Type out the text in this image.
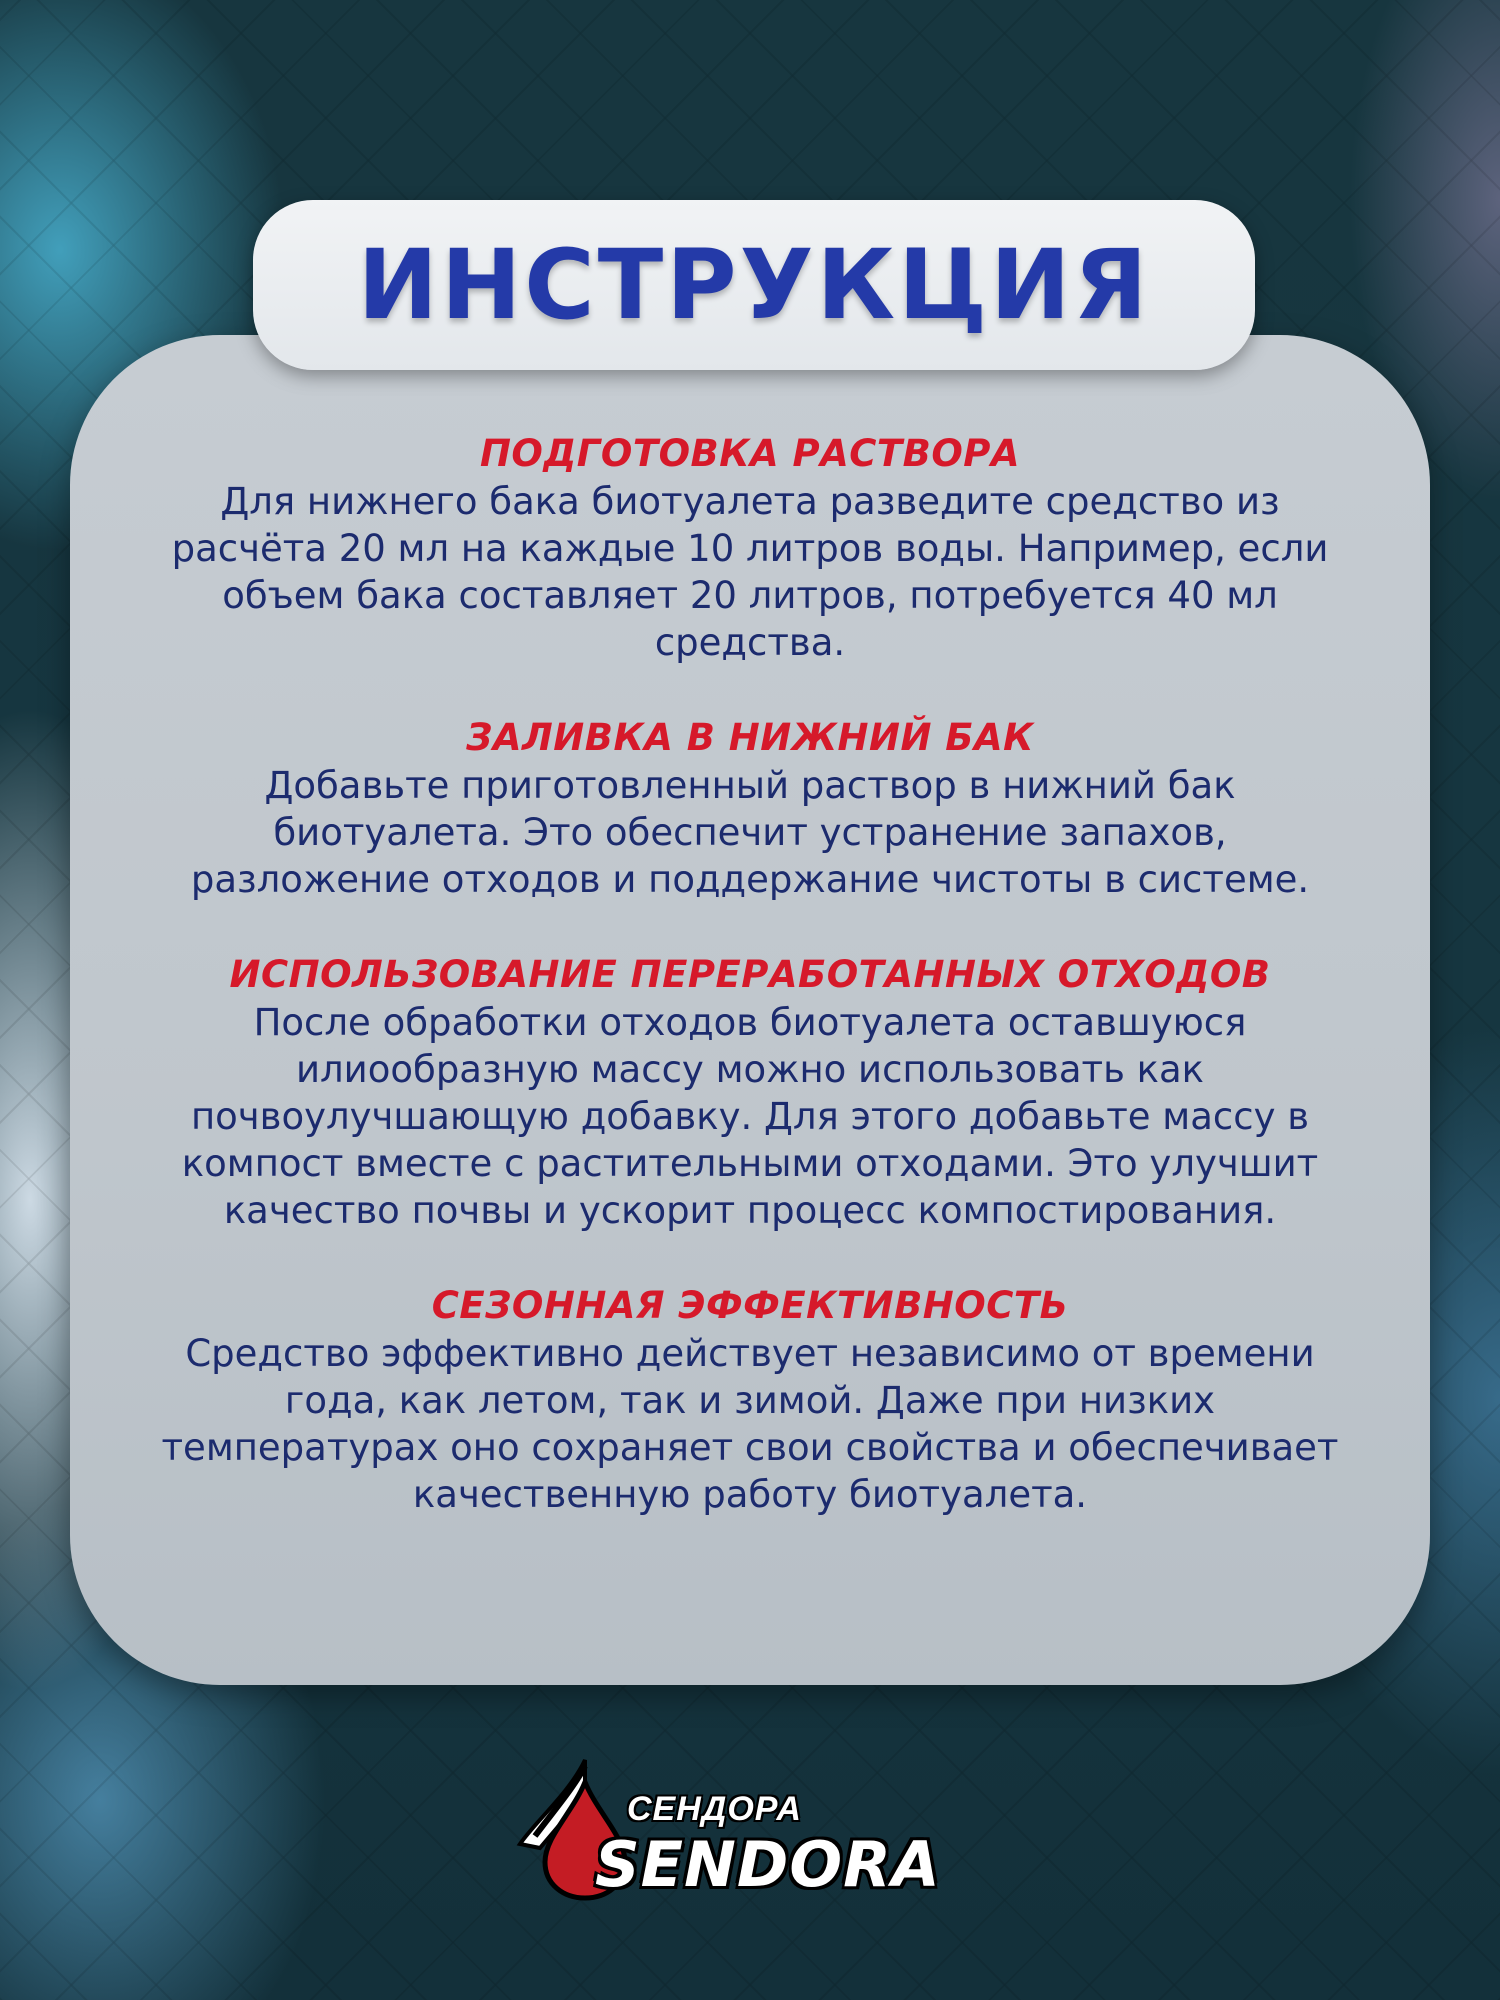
ИНСТРУКЦИЯ
ПОДГОТОВКА РАСТВОРА

Для нижнего бака биотуалета разведите средство из

расчёта 20 мл на каждые 10 литров воды. Например, если

объем бака составляет 20 литров, потребуется 40 мл

средства.

ЗАЛИВКА В НИЖНИЙ БАК

Добавьте приготовленный раствор в нижний бак

биотуалета. Это обеспечит устранение запахов,

разложение отходов и поддержание чистоты в системе.

ИСПОЛЬЗОВАНИЕ ПЕРЕРАБОТАННЫХ ОТХОДОВ

После обработки отходов биотуалета оставшуюся

илиообразную массу можно использовать как

почвоулучшающую добавку. Для этого добавьте массу в

компост вместе с растительными отходами. Это улучшит

качество почвы и ускорит процесс компостирования.

СЕЗОННАЯ ЭФФЕКТИВНОСТЬ

Средство эффективно действует независимо от времени

года, как летом, так и зимой. Даже при низких

температурах оно сохраняет свои свойства и обеспечивает

качественную работу биотуалета.

СЕНДОРА
SENDORA
